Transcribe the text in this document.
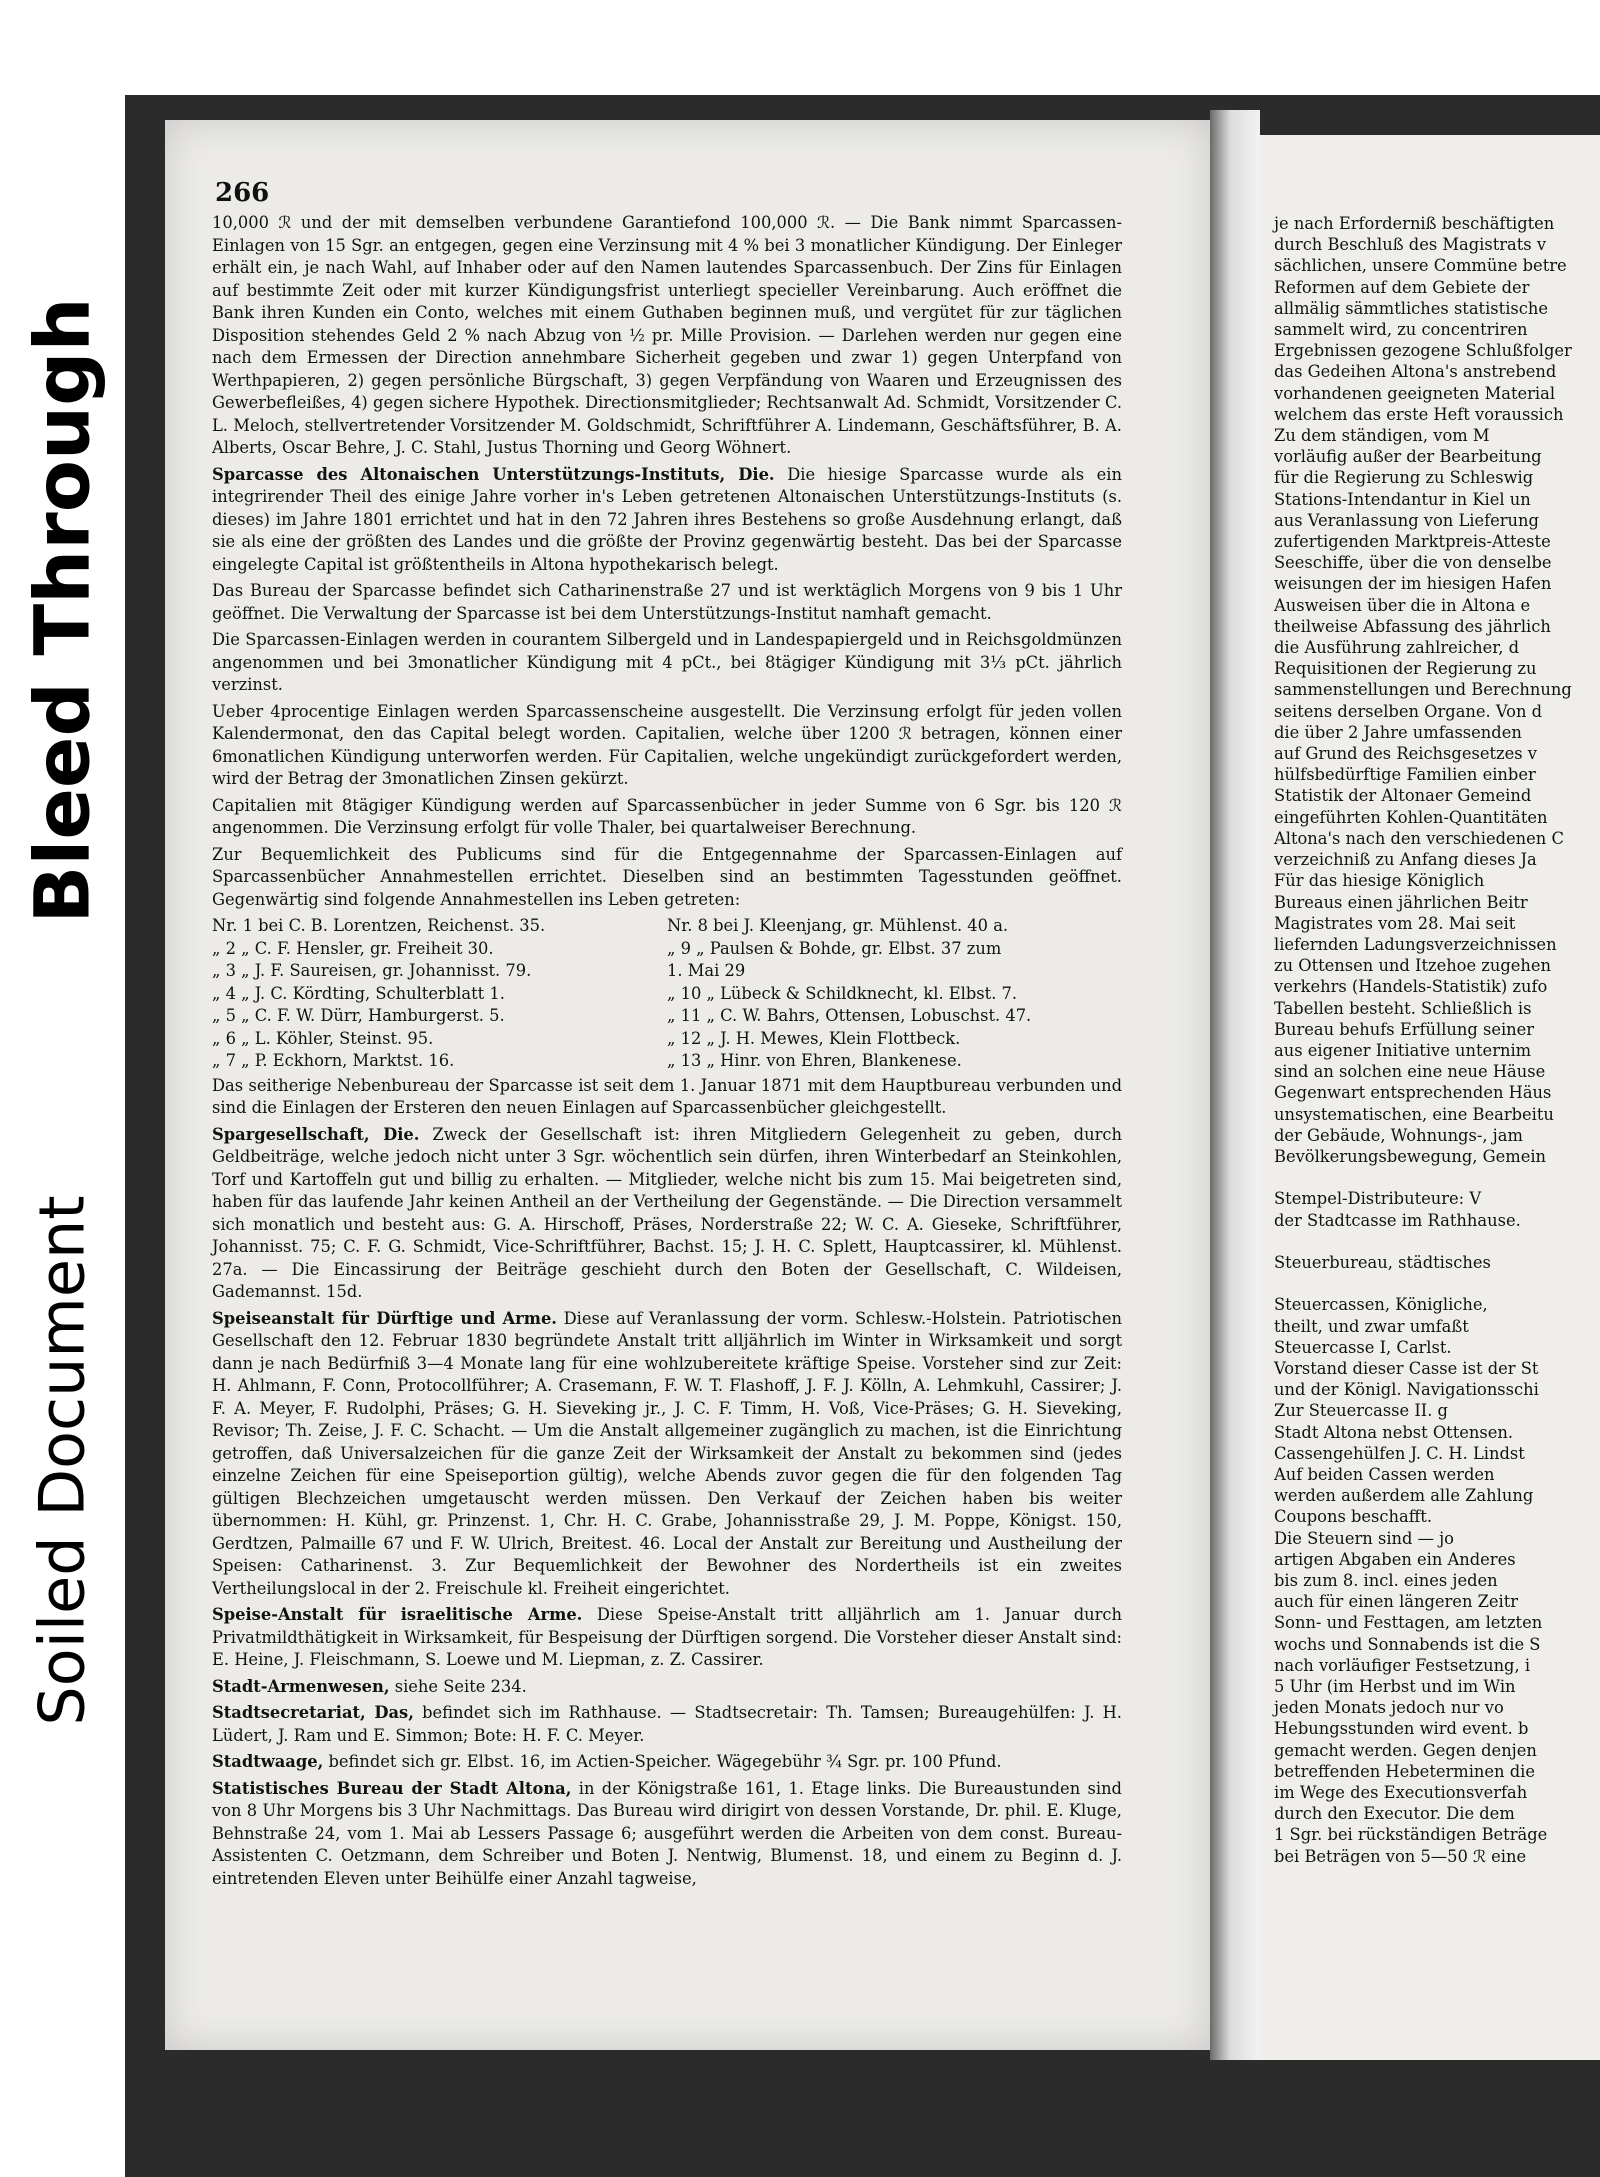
Bleed Through
Soiled Document
je nach Erforderniß beschäftigten
durch Beschluß des Magistrats v
sächlichen, unsere Commüne betre
Reformen auf dem Gebiete der
allmälig sämmtliches statistische
sammelt wird, zu concentriren
Ergebnissen gezogene Schlußfolger
das Gedeihen Altona's anstrebend
vorhandenen geeigneten Material
welchem das erste Heft voraussich
Zu dem ständigen, vom M
vorläufig außer der Bearbeitung
für die Regierung zu Schleswig
Stations-Intendantur in Kiel un
aus Veranlassung von Lieferung
zufertigenden Marktpreis-Atteste
Seeschiffe, über die von denselbe
weisungen der im hiesigen Hafen
Ausweisen über die in Altona e
theilweise Abfassung des jährlich
die Ausführung zahlreicher, d
Requisitionen der Regierung zu
sammenstellungen und Berechnung
seitens derselben Organe. Von d
die über 2 Jahre umfassenden
auf Grund des Reichsgesetzes v
hülfsbedürftige Familien einber
Statistik der Altonaer Gemeind
eingeführten Kohlen-Quantitäten
Altona's nach den verschiedenen C
verzeichniß zu Anfang dieses Ja
Für das hiesige Königlich
Bureaus einen jährlichen Beitr
Magistrates vom 28. Mai seit
liefernden Ladungsverzeichnissen
zu Ottensen und Itzehoe zugehen
verkehrs (Handels-Statistik) zufo
Tabellen besteht. Schließlich is
Bureau behufs Erfüllung seiner
aus eigener Initiative unternim
sind an solchen eine neue Häuse
Gegenwart entsprechenden Häus
unsystematischen, eine Bearbeitu
der Gebäude, Wohnungs-, jam
Bevölkerungsbewegung, Gemein

Stempel-Distributeure: V
der Stadtcasse im Rathhause.

Steuerbureau, städtisches

Steuercassen, Königliche,
theilt, und zwar umfaßt
Steuercasse I, Carlst.
Vorstand dieser Casse ist der St
und der Königl. Navigationsschi
Zur Steuercasse II. g
Stadt Altona nebst Ottensen.
Cassengehülfen J. C. H. Lindst
Auf beiden Cassen werden
werden außerdem alle Zahlung
Coupons beschafft.
Die Steuern sind — jo
artigen Abgaben ein Anderes
bis zum 8. incl. eines jeden
auch für einen längeren Zeitr
Sonn- und Festtagen, am letzten
wochs und Sonnabends ist die S
nach vorläufiger Festsetzung, i
5 Uhr (im Herbst und im Win
jeden Monats jedoch nur vo
Hebungsstunden wird event. b
gemacht werden. Gegen denjen
betreffenden Hebeterminen die
im Wege des Executionsverfah
durch den Executor. Die dem
1 Sgr. bei rückständigen Beträge
bei Beträgen von 5—50 ℛ eine
266

10,000 ℛ und der mit demselben verbundene Garantiefond 100,000 ℛ. — Die Bank nimmt Sparcassen-Einlagen von 15 Sgr. an entgegen, gegen eine Verzinsung mit 4 % bei 3 monatlicher Kündigung. Der Einleger erhält ein, je nach Wahl, auf Inhaber oder auf den Namen lautendes Sparcassenbuch. Der Zins für Einlagen auf bestimmte Zeit oder mit kurzer Kündigungsfrist unterliegt specieller Vereinbarung. Auch eröffnet die Bank ihren Kunden ein Conto, welches mit einem Guthaben beginnen muß, und vergütet für zur täglichen Disposition stehendes Geld 2 % nach Abzug von ½ pr. Mille Provision. — Darlehen werden nur gegen eine nach dem Ermessen der Direction annehmbare Sicherheit gegeben und zwar 1) gegen Unterpfand von Werthpapieren, 2) gegen persönliche Bürgschaft, 3) gegen Verpfändung von Waaren und Erzeugnissen des Gewerbefleißes, 4) gegen sichere Hypothek. Directionsmitglieder; Rechtsanwalt Ad. Schmidt, Vorsitzender C. L. Meloch, stellvertretender Vorsitzender M. Goldschmidt, Schriftführer A. Lindemann, Geschäftsführer, B. A. Alberts, Oscar Behre, J. C. Stahl, Justus Thorning und Georg Wöhnert.

Sparcasse des Altonaischen Unterstützungs-Instituts, Die. Die hiesige Sparcasse wurde als ein integrirender Theil des einige Jahre vorher in's Leben getretenen Altonaischen Unterstützungs-Instituts (s. dieses) im Jahre 1801 errichtet und hat in den 72 Jahren ihres Bestehens so große Ausdehnung erlangt, daß sie als eine der größten des Landes und die größte der Provinz gegenwärtig besteht. Das bei der Sparcasse eingelegte Capital ist größtentheils in Altona hypothekarisch belegt.

Das Bureau der Sparcasse befindet sich Catharinenstraße 27 und ist werktäglich Morgens von 9 bis 1 Uhr geöffnet. Die Verwaltung der Sparcasse ist bei dem Unterstützungs-Institut namhaft gemacht.

Die Sparcassen-Einlagen werden in courantem Silbergeld und in Landespapiergeld und in Reichsgoldmünzen angenommen und bei 3monatlicher Kündigung mit 4 pCt., bei 8tägiger Kündigung mit 3⅓ pCt. jährlich verzinst.

Ueber 4procentige Einlagen werden Sparcassenscheine ausgestellt. Die Verzinsung erfolgt für jeden vollen Kalendermonat, den das Capital belegt worden. Capitalien, welche über 1200 ℛ betragen, können einer 6monatlichen Kündigung unterworfen werden. Für Capitalien, welche ungekündigt zurückgefordert werden, wird der Betrag der 3monatlichen Zinsen gekürzt.

Capitalien mit 8tägiger Kündigung werden auf Sparcassenbücher in jeder Summe von 6 Sgr. bis 120 ℛ angenommen. Die Verzinsung erfolgt für volle Thaler, bei quartalweiser Berechnung.

Zur Bequemlichkeit des Publicums sind für die Entgegennahme der Sparcassen-Einlagen auf Sparcassenbücher Annahmestellen errichtet. Dieselben sind an bestimmten Tagesstunden geöffnet. Gegenwärtig sind folgende Annahmestellen ins Leben getreten:

Nr. 1 bei C. B. Lorentzen, Reichenst. 35.
„ 2 „ C. F. Hensler, gr. Freiheit 30.
„ 3 „ J. F. Saureisen, gr. Johannisst. 79.
„ 4 „ J. C. Kördting, Schulterblatt 1.
„ 5 „ C. F. W. Dürr, Hamburgerst. 5.
„ 6 „ L. Köhler, Steinst. 95.
„ 7 „ P. Eckhorn, Marktst. 16.
Nr. 8 bei J. Kleenjang, gr. Mühlenst. 40 a.
„ 9 „ Paulsen & Bohde, gr. Elbst. 37 zum
1. Mai 29
„ 10 „ Lübeck & Schildknecht, kl. Elbst. 7.
„ 11 „ C. W. Bahrs, Ottensen, Lobuschst. 47.
„ 12 „ J. H. Mewes, Klein Flottbeck.
„ 13 „ Hinr. von Ehren, Blankenese.

Das seitherige Nebenbureau der Sparcasse ist seit dem 1. Januar 1871 mit dem Hauptbureau verbunden und sind die Einlagen der Ersteren den neuen Einlagen auf Sparcassenbücher gleichgestellt.

Spargesellschaft, Die. Zweck der Gesellschaft ist: ihren Mitgliedern Gelegenheit zu geben, durch Geldbeiträge, welche jedoch nicht unter 3 Sgr. wöchentlich sein dürfen, ihren Winterbedarf an Steinkohlen, Torf und Kartoffeln gut und billig zu erhalten. — Mitglieder, welche nicht bis zum 15. Mai beigetreten sind, haben für das laufende Jahr keinen Antheil an der Vertheilung der Gegenstände. — Die Direction versammelt sich monatlich und besteht aus: G. A. Hirschoff, Präses, Norderstraße 22; W. C. A. Gieseke, Schriftführer, Johannisst. 75; C. F. G. Schmidt, Vice-Schriftführer, Bachst. 15; J. H. C. Splett, Hauptcassirer, kl. Mühlenst. 27a. — Die Eincassirung der Beiträge geschieht durch den Boten der Gesellschaft, C. Wildeisen, Gademannst. 15d.

Speiseanstalt für Dürftige und Arme. Diese auf Veranlassung der vorm. Schlesw.-Holstein. Patriotischen Gesellschaft den 12. Februar 1830 begründete Anstalt tritt alljährlich im Winter in Wirksamkeit und sorgt dann je nach Bedürfniß 3—4 Monate lang für eine wohlzubereitete kräftige Speise. Vorsteher sind zur Zeit: H. Ahlmann, F. Conn, Protocollführer; A. Crasemann, F. W. T. Flashoff, J. F. J. Kölln, A. Lehmkuhl, Cassirer; J. F. A. Meyer, F. Rudolphi, Präses; G. H. Sieveking jr., J. C. F. Timm, H. Voß, Vice-Präses; G. H. Sieveking, Revisor; Th. Zeise, J. F. C. Schacht. — Um die Anstalt allgemeiner zugänglich zu machen, ist die Einrichtung getroffen, daß Universalzeichen für die ganze Zeit der Wirksamkeit der Anstalt zu bekommen sind (jedes einzelne Zeichen für eine Speiseportion gültig), welche Abends zuvor gegen die für den folgenden Tag gültigen Blechzeichen umgetauscht werden müssen. Den Verkauf der Zeichen haben bis weiter übernommen: H. Kühl, gr. Prinzenst. 1, Chr. H. C. Grabe, Johannisstraße 29, J. M. Poppe, Königst. 150, Gerdtzen, Palmaille 67 und F. W. Ulrich, Breitest. 46. Local der Anstalt zur Bereitung und Austheilung der Speisen: Catharinenst. 3. Zur Bequemlichkeit der Bewohner des Nordertheils ist ein zweites Vertheilungslocal in der 2. Freischule kl. Freiheit eingerichtet.

Speise-Anstalt für israelitische Arme. Diese Speise-Anstalt tritt alljährlich am 1. Januar durch Privatmildthätigkeit in Wirksamkeit, für Bespeisung der Dürftigen sorgend. Die Vorsteher dieser Anstalt sind: E. Heine, J. Fleischmann, S. Loewe und M. Liepman, z. Z. Cassirer.

Stadt-Armenwesen, siehe Seite 234.

Stadtsecretariat, Das, befindet sich im Rathhause. — Stadtsecretair: Th. Tamsen; Bureaugehülfen: J. H. Lüdert, J. Ram und E. Simmon; Bote: H. F. C. Meyer.

Stadtwaage, befindet sich gr. Elbst. 16, im Actien-Speicher. Wägegebühr ¾ Sgr. pr. 100 Pfund.

Statistisches Bureau der Stadt Altona, in der Königstraße 161, 1. Etage links. Die Bureaustunden sind von 8 Uhr Morgens bis 3 Uhr Nachmittags. Das Bureau wird dirigirt von dessen Vorstande, Dr. phil. E. Kluge, Behnstraße 24, vom 1. Mai ab Lessers Passage 6; ausgeführt werden die Arbeiten von dem const. Bureau-Assistenten C. Oetzmann, dem Schreiber und Boten J. Nentwig, Blumenst. 18, und einem zu Beginn d. J. eintretenden Eleven unter Beihülfe einer Anzahl tagweise,
